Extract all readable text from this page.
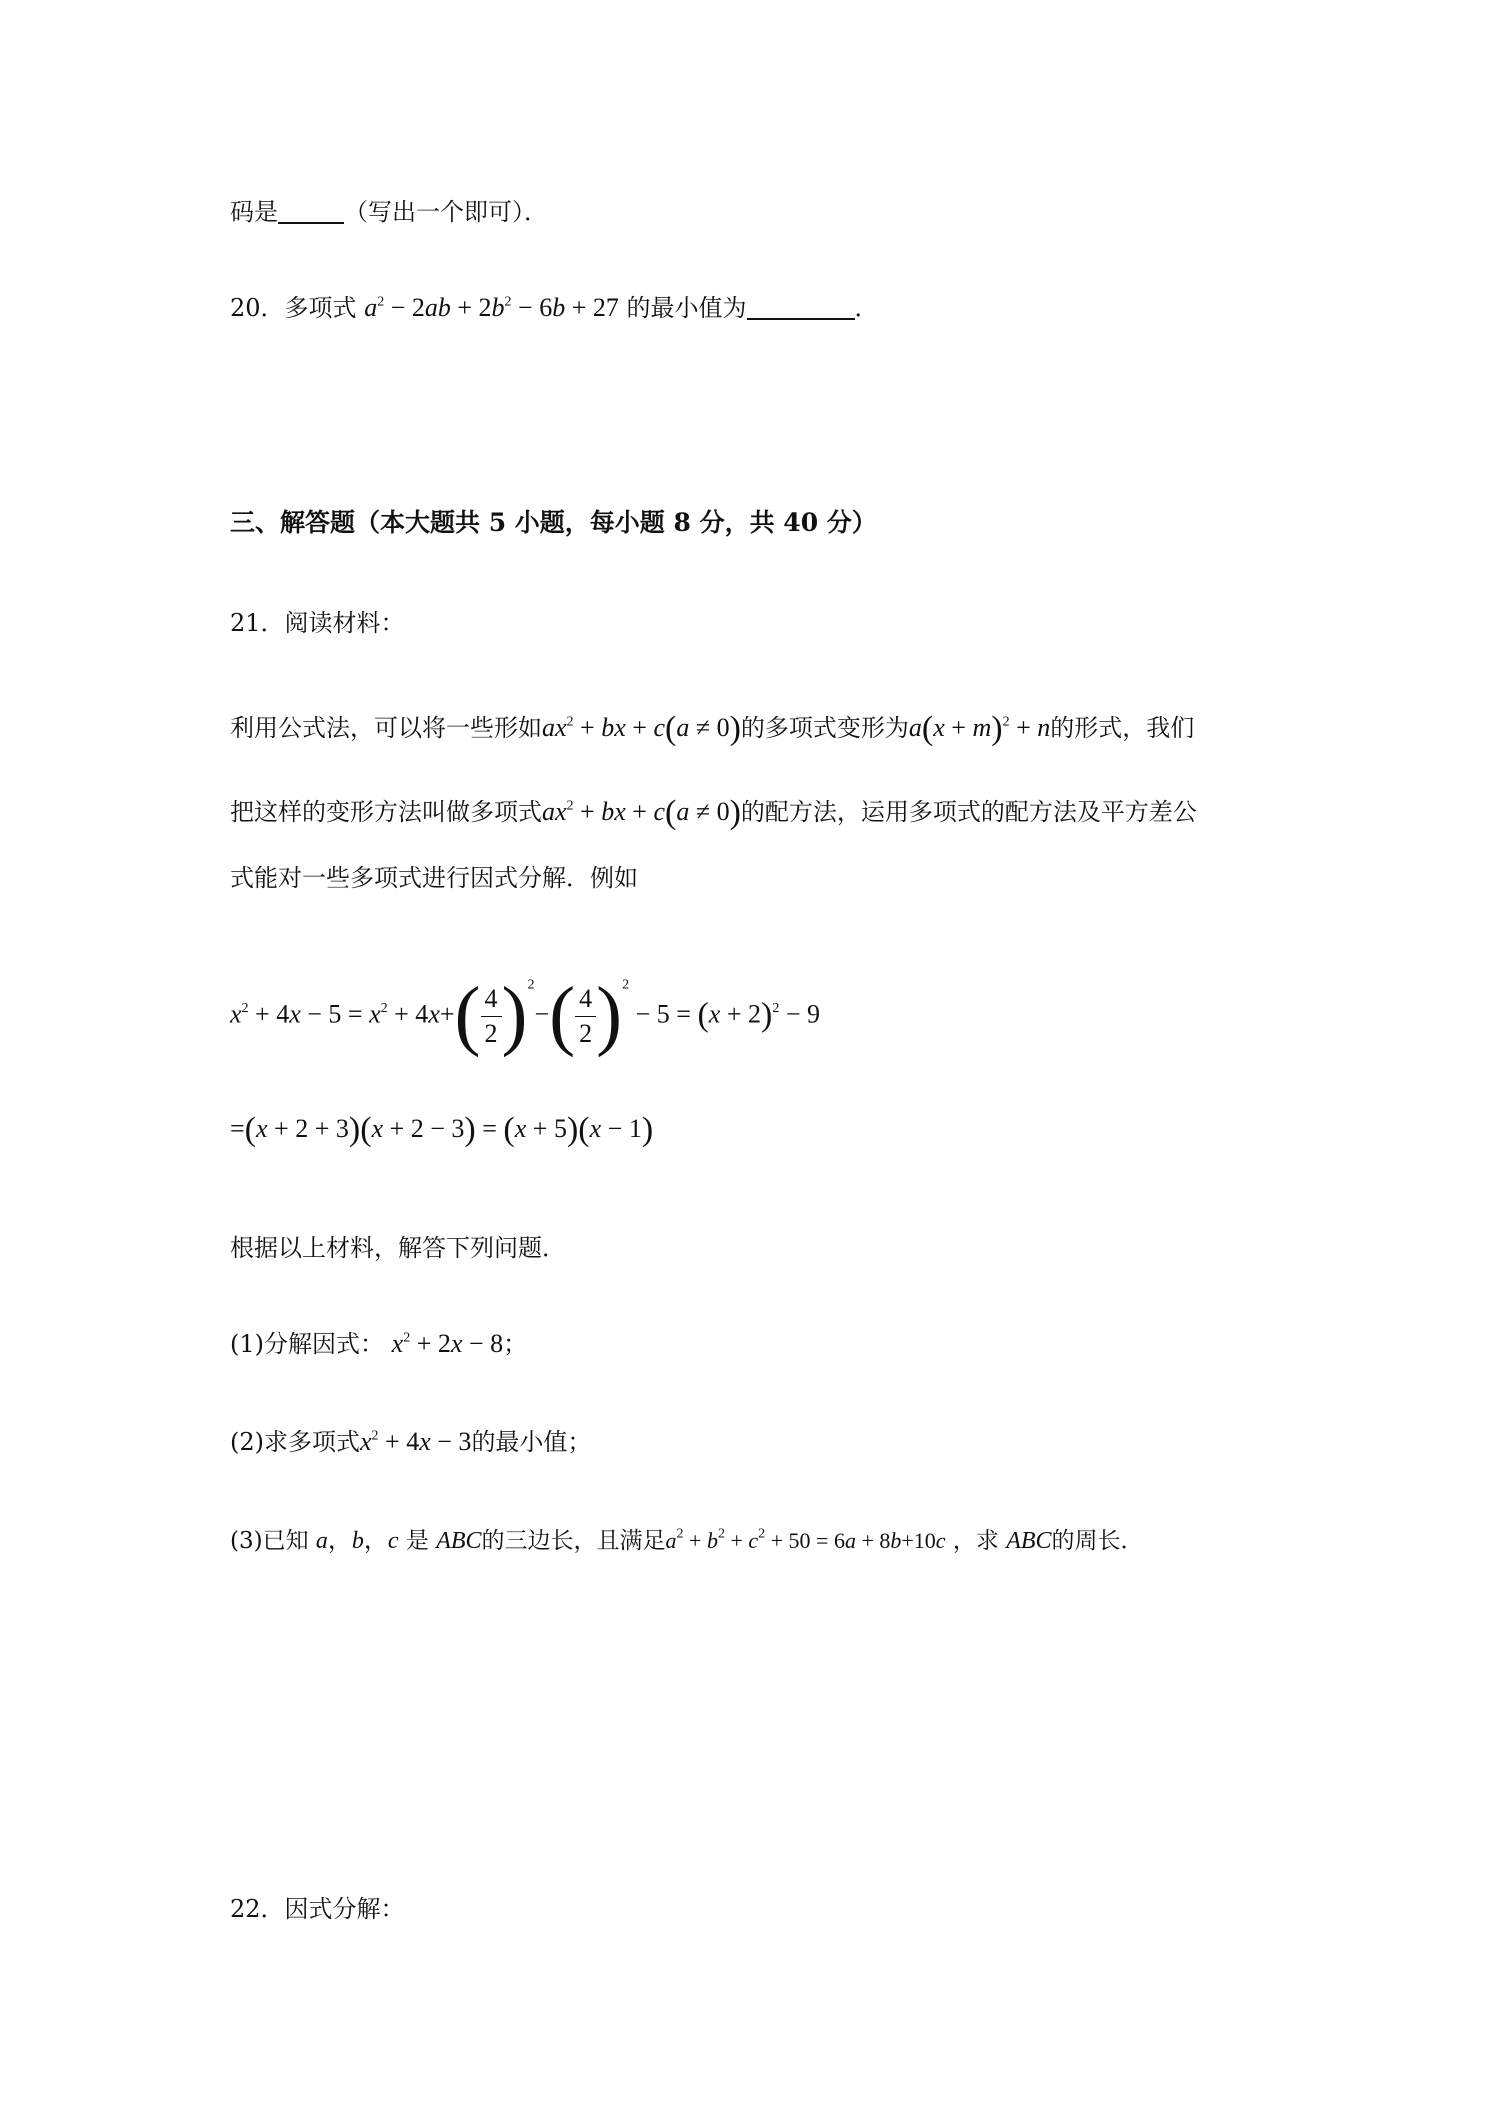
码是	（写出一个即可）．
20．多项式 $a^2 - 2ab + 2b^2 - 6b + 27$ 的最小值为	．
三、解答题（本大题共 5 小题，每小题 8 分，共 40 分）
21．阅读材料：
利用公式法，可以将一些形如$ax^2$ + bx + c(a ≠ 0)的多项式变形为$a(x + m)^2 + n$的形式，我们
把这样的变形方法叫做多项式$ax^2$ + bx + c(a ≠ 0)的配方法，运用多项式的配方法及平方差公
式能对一些多项式进行因式分解．例如
$x^2 + 4x - 5 = x^2 + 4x+( \frac{4}{2} )^2-( \frac{4}{2} )^2 - 5 = (x + 2)^2 - 9$
=(x + 2 + 3)(x + 2 − 3) = (x + 5)(x − 1)
根据以上材料，解答下列问题．
(1)分解因式： $x^2 + 2x - 8$；
(2)求多项式$x^2 + 4x - 3$的最小值；
(3)已知 a，b，c 是 ABC的三边长，且满足$a^2 + b^2 + c^2 + 50 = 6a + 8b+10c$ ，求 ABC的周长．
22．因式分解：
